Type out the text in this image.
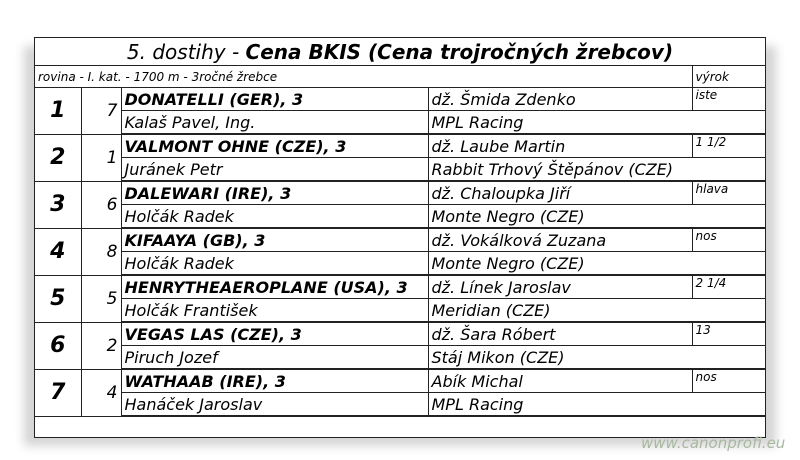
5. dostihy - Cena BKIS (Cena trojročných žrebcov)				
rovina - I. kat. - 1700 m - 3ročné žrebce				výrok
1	7	DONATELLI (GER), 3	dž. Šmida Zdenko	iste
		Kalaš Pavel, Ing.	MPL Racing	
2	1	VALMONT OHNE (CZE), 3	dž. Laube Martin	1 1/2
		Juránek Petr	Rabbit Trhový Štěpánov (CZE)	
3	6	DALEWARI (IRE), 3	dž. Chaloupka Jiří	hlava
		Holčák Radek	Monte Negro (CZE)	
4	8	KIFAAYA (GB), 3	dž. Vokálková Zuzana	nos
		Holčák Radek	Monte Negro (CZE)	
5	5	HENRYTHEAEROPLANE (USA), 3	dž. Línek Jaroslav	2 1/4
		Holčák František	Meridian (CZE)	
6	2	VEGAS LAS (CZE), 3	dž. Šara Róbert	13
		Piruch Jozef	Stáj Mikon (CZE)	
7	4	WATHAAB (IRE), 3	Abík Michal	nos
		Hanáček Jaroslav	MPL Racing	
www.canonprofi.eu
